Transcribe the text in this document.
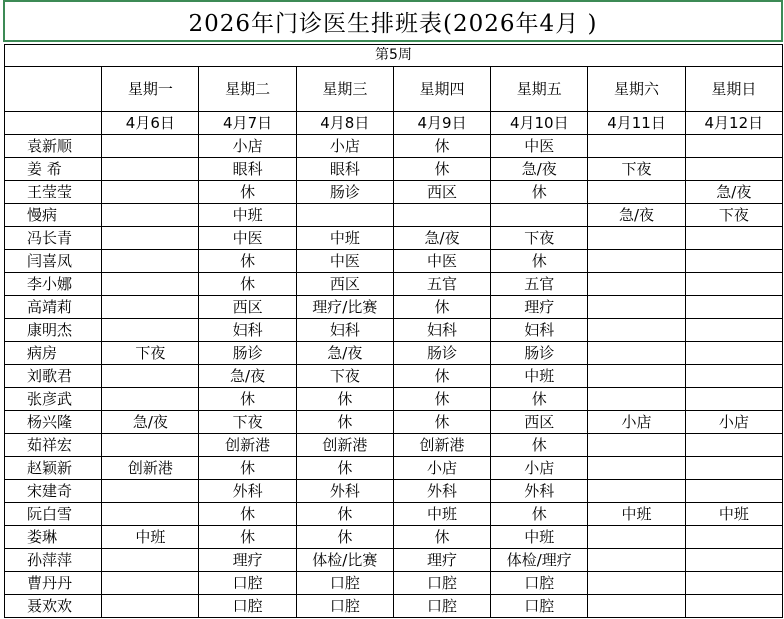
2026年门诊医生排班表(2026年4月 )
第5周							
	星期一	星期二	星期三	星期四	星期五	星期六	星期日
	4月6日	4月7日	4月8日	4月9日	4月10日	4月11日	4月12日
袁新顺		小店	小店	休	中医		
姜 希		眼科	眼科	休	急/夜	下夜	
王莹莹		休	肠诊	西区	休		急/夜
慢病		中班				急/夜	下夜
冯长青		中医	中班	急/夜	下夜		
闫喜凤		休	中医	中医	休		
李小娜		休	西区	五官	五官		
高靖莉		西区	理疗/比赛	休	理疗		
康明杰		妇科	妇科	妇科	妇科		
病房	下夜	肠诊	急/夜	肠诊	肠诊		
刘歌君		急/夜	下夜	休	中班		
张彦武		休	休	休	休		
杨兴隆	急/夜	下夜	休	休	西区	小店	小店
茹祥宏		创新港	创新港	创新港	休		
赵颖新	创新港	休	休	小店	小店		
宋建奇		外科	外科	外科	外科		
阮白雪		休	休	中班	休	中班	中班
娄琳	中班	休	休	休	中班		
孙萍萍		理疗	体检/比赛	理疗	体检/理疗		
曹丹丹		口腔	口腔	口腔	口腔		
聂欢欢		口腔	口腔	口腔	口腔		
